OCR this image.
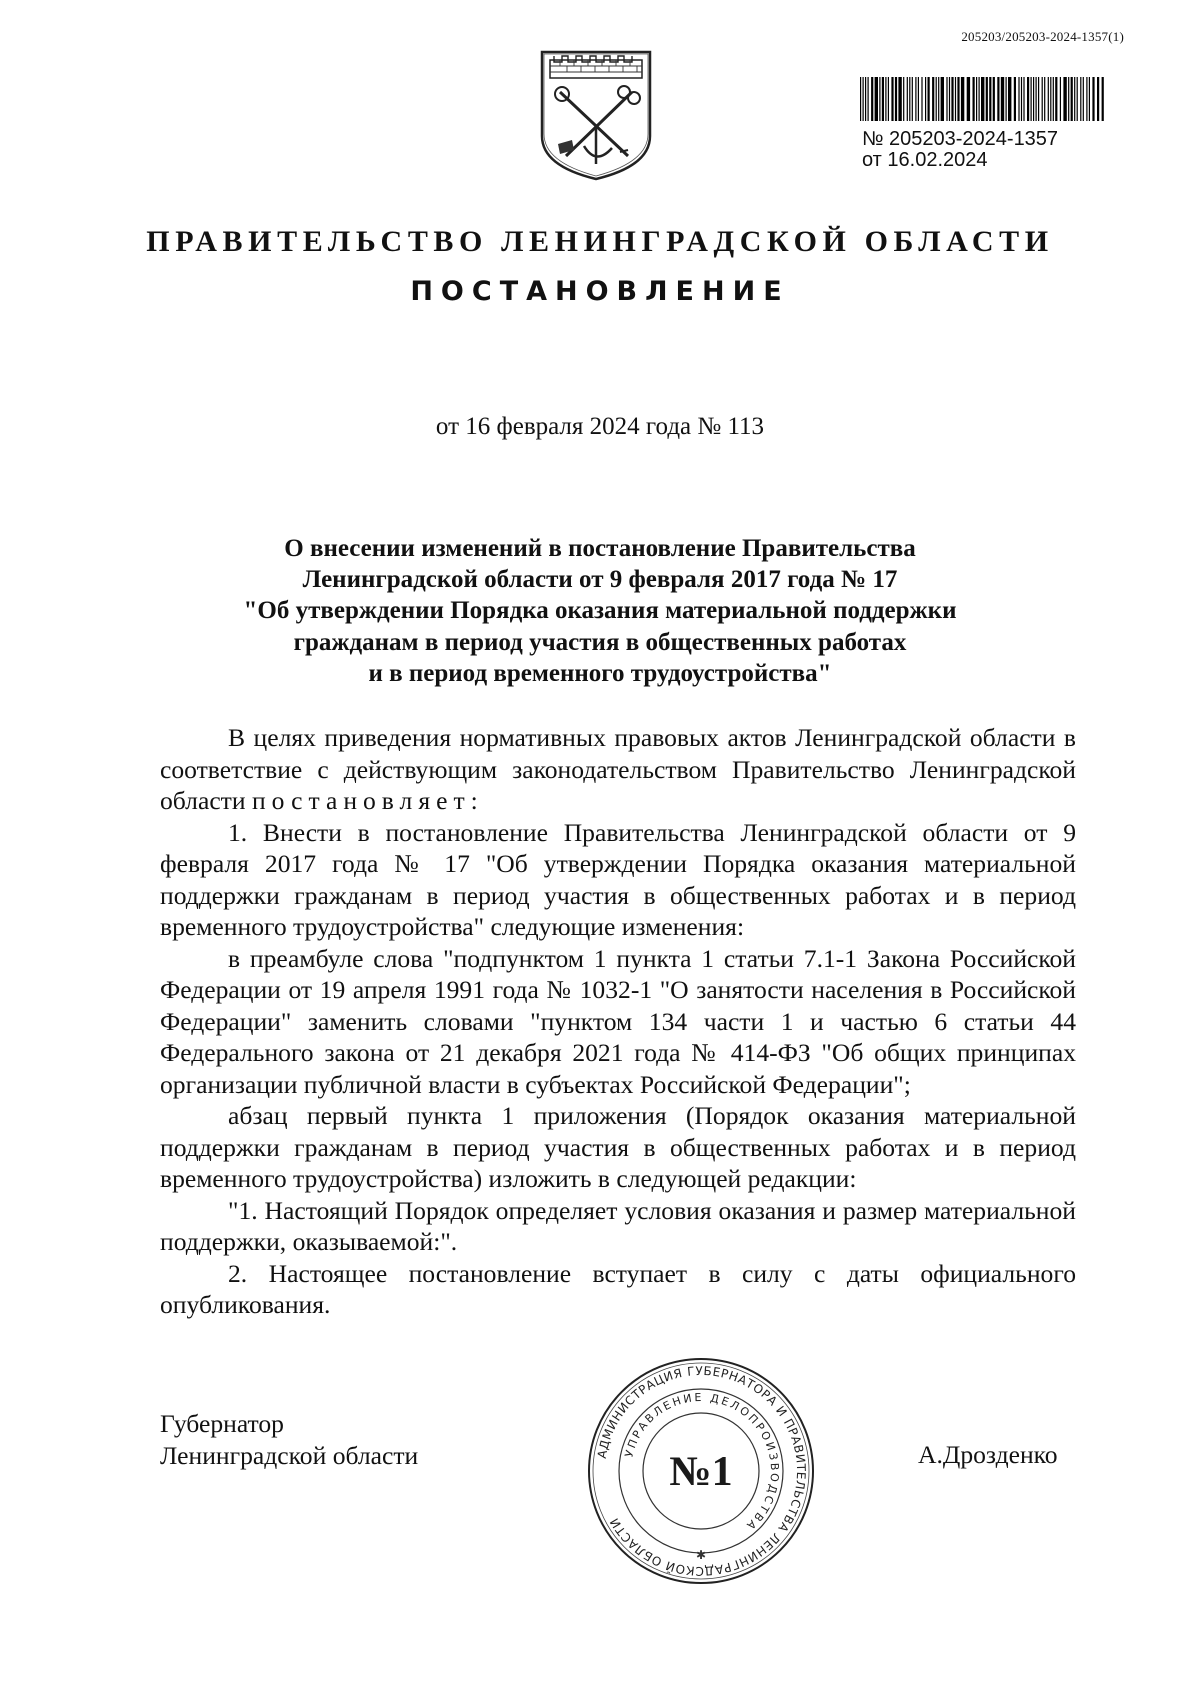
205203/205203-2024-1357(1)
№ 205203-2024-1357
от 16.02.2024
ПРАВИТЕЛЬСТВО ЛЕНИНГРАДСКОЙ ОБЛАСТИ
ПОСТАНОВЛЕНИЕ
от 16 февраля 2024 года № 113
О внесении изменений в постановление Правительства
Ленинградской области от 9 февраля 2017 года № 17
"Об утверждении Порядка оказания материальной поддержки
гражданам в период участия в общественных работах
и в период временного трудоустройства"

В целях приведения нормативных правовых актов Ленинградской области в соответствие с действующим законодательством Правительство Ленинградской области постановляет:

1. Внести в постановление Правительства Ленинградской области от 9 февраля 2017 года № 17 "Об утверждении Порядка оказания материальной поддержки гражданам в период участия в общественных работах и в период временного трудоустройства" следующие изменения:

в преамбуле слова "подпунктом 1 пункта 1 статьи 7.1-1 Закона Российской Федерации от 19 апреля 1991 года № 1032-1 "О занятости населения в Российской Федерации" заменить словами "пунктом 134 части 1 и частью 6 статьи 44 Федерального закона от 21 декабря 2021 года № 414-ФЗ "Об общих принципах организации публичной власти в субъектах Российской Федерации";

абзац первый пункта 1 приложения (Порядок оказания материальной поддержки гражданам в период участия в общественных работах и в период временного трудоустройства) изложить в следующей редакции:

"1. Настоящий Порядок определяет условия оказания и размер материальной поддержки, оказываемой:".

2. Настоящее постановление вступает в силу с даты официального опубликования.

Губернатор
Ленинградской области	А.Дрозденко
АДМИНИСТРАЦИЯ ГУБЕРНАТОРА И ПРАВИТЕЛЬСТВА ЛЕНИНГРАДСКОЙ ОБЛАСТИ
УПРАВЛЕНИЕ ДЕЛОПРОИЗВОДСТВА
№1
✱
